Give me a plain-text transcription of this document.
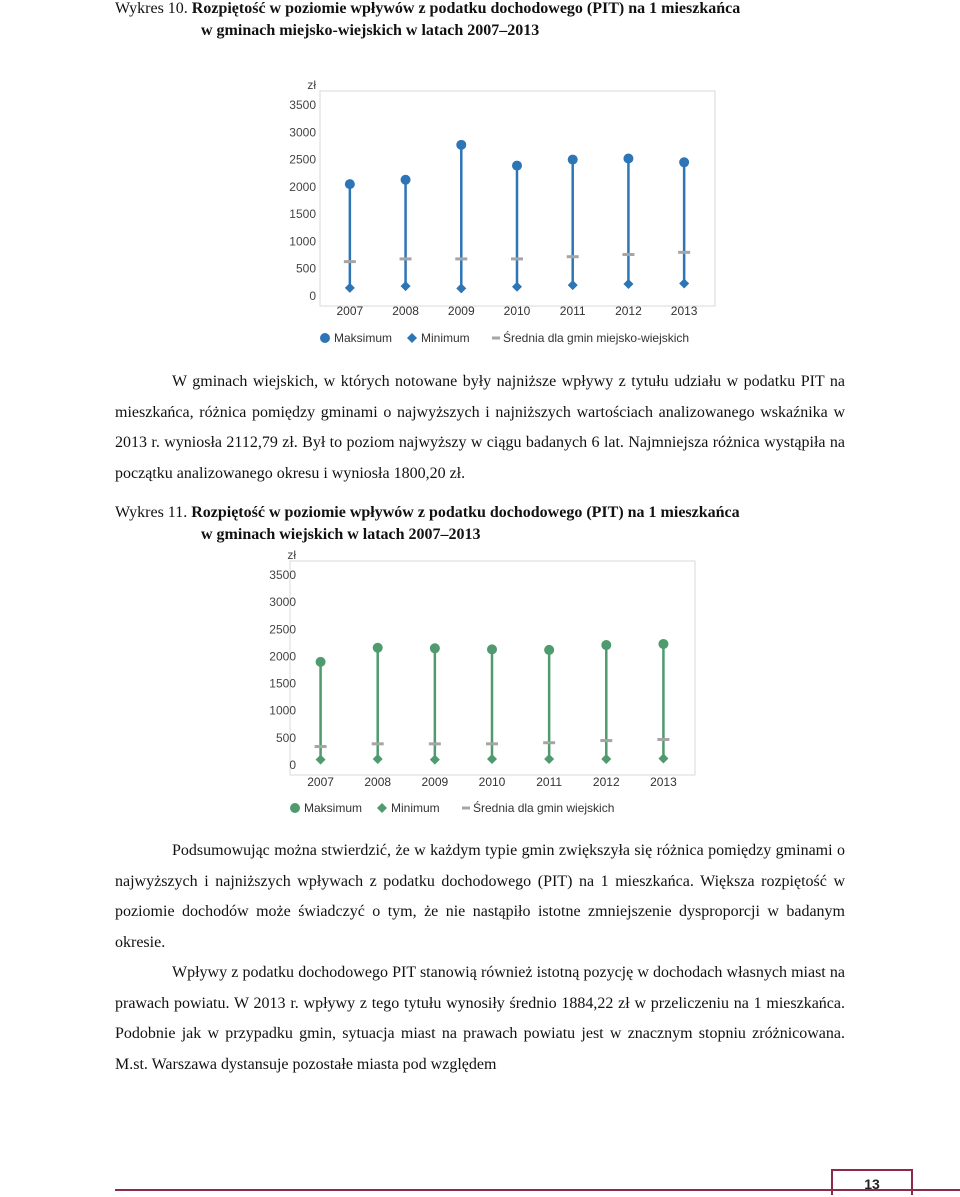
Wykres 10. Rozpiętość w poziomie wpływów z podatku dochodowego (PIT) na 1 mieszkańca

w gminach miejsko-wiejskich w latach 2007–2013
zł
0
500
1000
1500
2000
2500
3000
3500
2007 2008 2009 2010 2011 2012 2013
Maksimum Minimum	Średnia dla gmin miejsko-wiejskich
W gminach wiejskich, w których notowane były najniższe wpływy z tytułu udziału w podatku PIT na mieszkańca, różnica pomiędzy gminami o najwyższych i najniższych wartościach analizowanego wskaźnika w 2013 r. wyniosła 2112,79 zł. Był to poziom najwyższy w ciągu badanych 6 lat. Najmniejsza różnica wystąpiła na początku analizowanego okresu i wyniosła 1800,20 zł.
Wykres 11. Rozpiętość w poziomie wpływów z podatku dochodowego (PIT) na 1 mieszkańca

w gminach wiejskich w latach 2007–2013
zł
0
500
1000
1500
2000
2500
3000
3500
2007	2008	2009	2010	2011	2012	2013
Maksimum Minimum	Średnia dla gmin wiejskich
Podsumowując można stwierdzić, że w każdym typie gmin zwiększyła się różnica pomiędzy gminami o najwyższych i najniższych wpływach z podatku dochodowego (PIT) na 1 mieszkańca. Większa rozpiętość w poziomie dochodów może świadczyć o tym, że nie nastąpiło istotne zmniejszenie dysproporcji w badanym okresie.
Wpływy z podatku dochodowego PIT stanowią również istotną pozycję w dochodach własnych miast na prawach powiatu. W 2013 r. wpływy z tego tytułu wynosiły średnio 1884,22 zł w przeliczeniu na 1 mieszkańca. Podobnie jak w przypadku gmin, sytuacja miast na prawach powiatu jest w znacznym stopniu zróżnicowana. M.st. Warszawa dystansuje pozostałe miasta pod względem
13
